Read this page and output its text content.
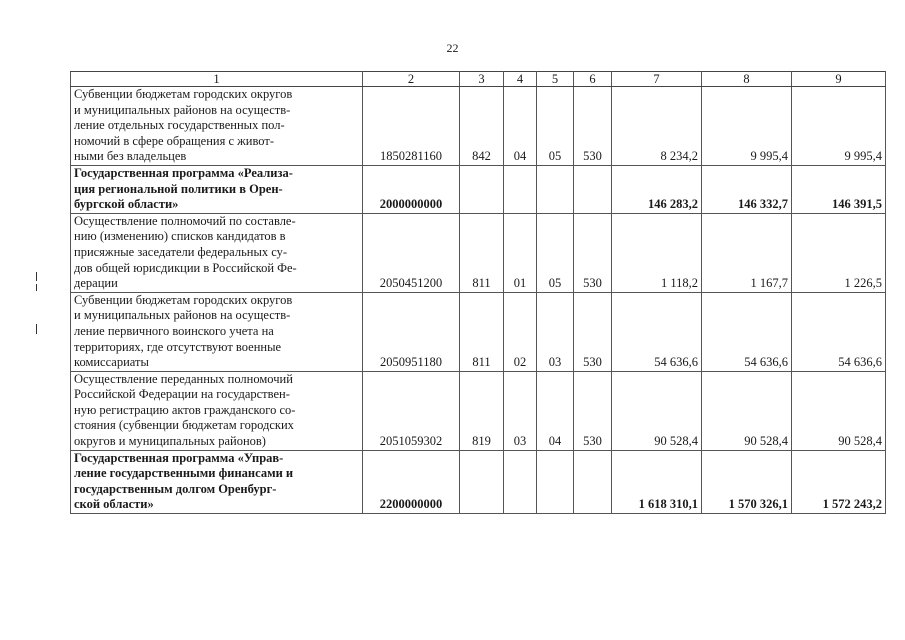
22
1	2	3	4	5	6	7	8	9
Субвенции бюджетам городских округов
и муниципальных районов на осуществ-
ление отдельных государственных пол-
номочий в сфере обращения с живот-
ными без владельцев	1850281160	842	04	05	530	8 234,2	9 995,4	9 995,4
Государственная программа «Реализа-
ция региональной политики в Орен-
бургской области»	2000000000					146 283,2	146 332,7	146 391,5
Осуществление полномочий по составле-
нию (изменению) списков кандидатов в
присяжные заседатели федеральных су-
дов общей юрисдикции в Российской Фе-
дерации	2050451200	811	01	05	530	1 118,2	1 167,7	1 226,5
Субвенции бюджетам городских округов
и муниципальных районов на осуществ-
ление первичного воинского учета на
территориях, где отсутствуют военные
комиссариаты	2050951180	811	02	03	530	54 636,6	54 636,6	54 636,6
Осуществление переданных полномочий
Российской Федерации на государствен-
ную регистрацию актов гражданского со-
стояния (субвенции бюджетам городских
округов и муниципальных районов)	2051059302	819	03	04	530	90 528,4	90 528,4	90 528,4
Государственная программа «Управ-
ление государственными финансами и
государственным долгом Оренбург-
ской области»	2200000000					1 618 310,1	1 570 326,1	1 572 243,2
